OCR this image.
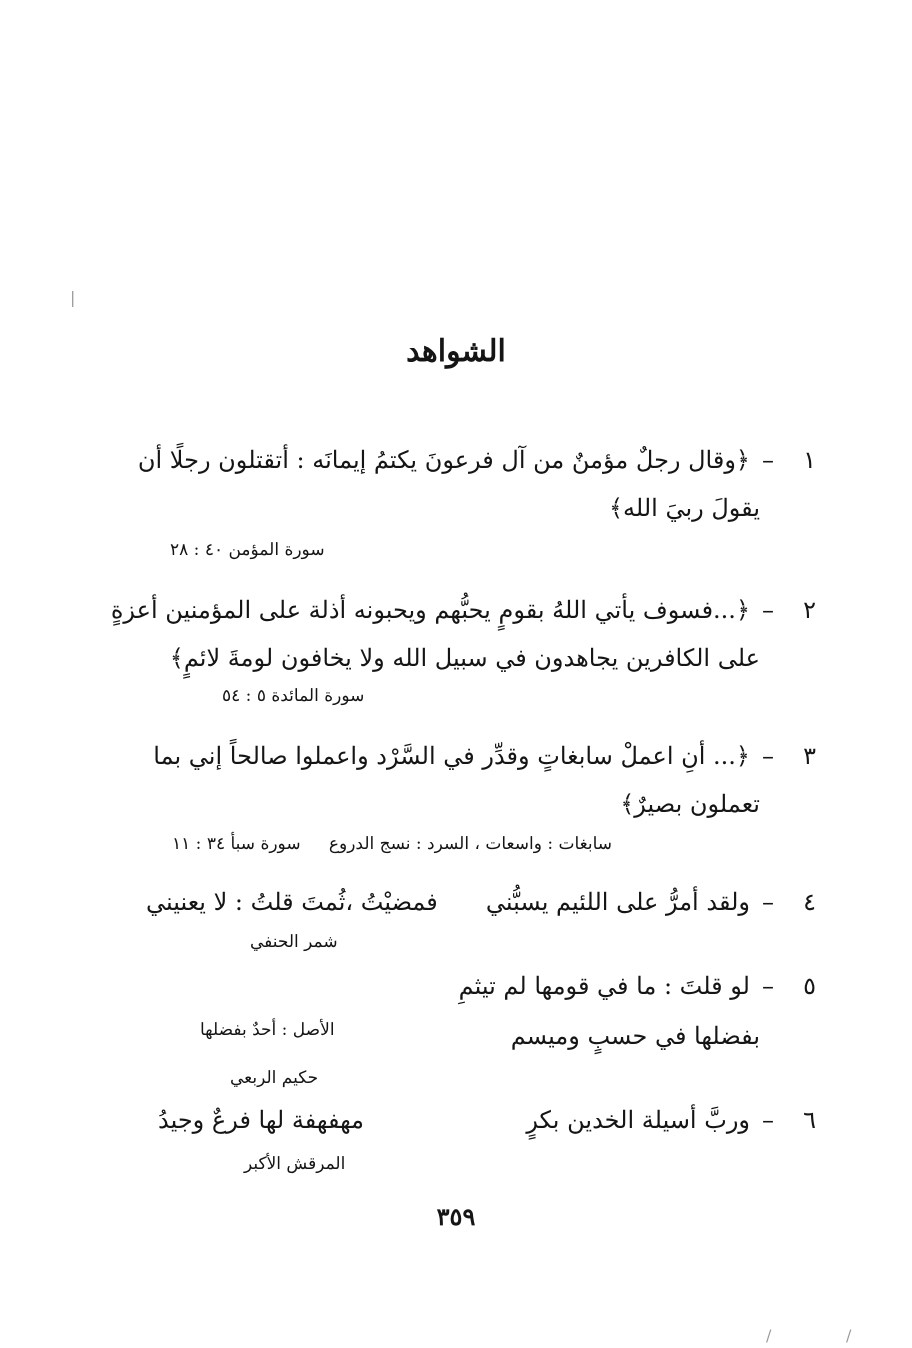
|
الشواهد
١–﴿وقال رجلٌ مؤمنٌ من آل فرعونَ يكتمُ إيمانَه : أتقتلون رجلًا أن
يقولَ ربيَ الله﴾
سورة المؤمن ٤٠ : ٢٨
٢–﴿...فسوف يأتي اللهُ بقومٍ يحبُّهم ويحبونه أذلة على المؤمنين أعزةٍ
على الكافرين يجاهدون في سبيل الله ولا يخافون لومةَ لائمٍ﴾
سورة المائدة ٥ : ٥٤
٣–﴿... أنِ اعملْ سابغاتٍ وقدِّر في السَّرْد واعملوا صالحاً إني بما
تعملون بصيرٌ﴾
سابغات : واسعات ، السرد : نسج الدروع
سورة سبأ ٣٤ : ١١
٤–ولقد أمرُّ على اللئيم يسبُّني
فمضيْتُ ،ثُمتَ قلتُ : لا يعنيني
شمر الحنفي
٥–لو قلتَ : ما في قومها لم تيثمِ
بفضلها في حسبٍ وميسم
الأصل : أحدٌ بفضلها
حكيم الربعي
٦–وربَّ أسيلة الخدين بكرٍ
مهفهفة لها فرعٌ وجيدُ
المرقش الأكبر
٣٥٩
/	/
